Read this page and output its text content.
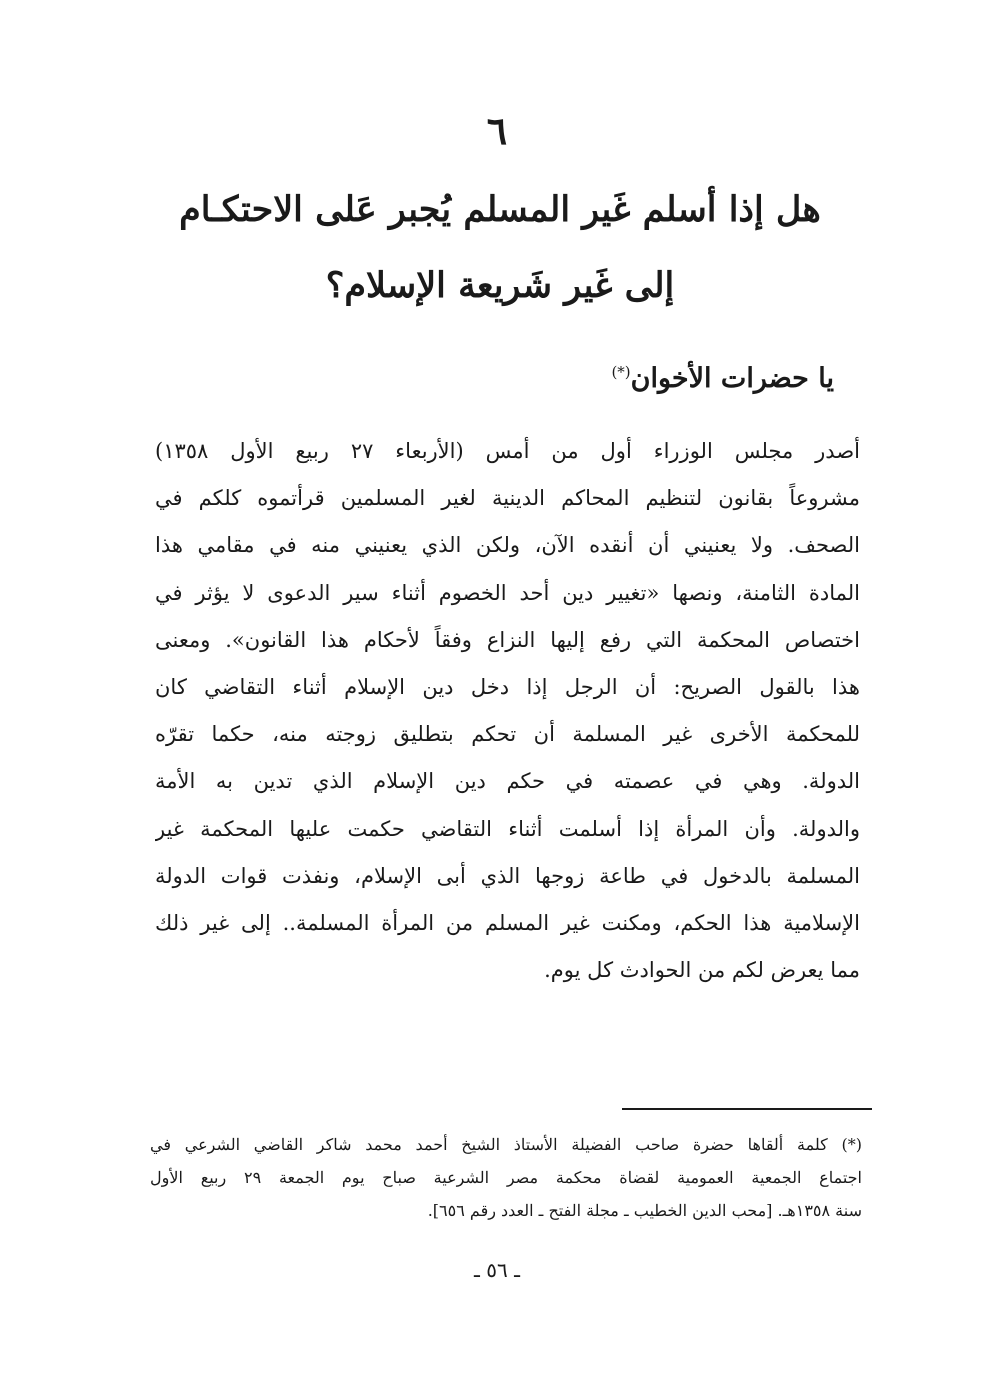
٦
هل إذا أسلم غَير المسلم يُجبر عَلى الاحتكـام
إلى غَير شَريعة الإسلام؟
يا حضرات الأخوان(*)
أصدر مجلس الوزراء أول من أمس (الأربعاء ٢٧ ربيع الأول ١٣٥٨)
مشروعاً بقانون لتنظيم المحاكم الدينية لغير المسلمين قرأتموه كلكم في
الصحف. ولا يعنيني أن أنقده الآن، ولكن الذي يعنيني منه في مقامي هذا
المادة الثامنة، ونصها «تغيير دين أحد الخصوم أثناء سير الدعوى لا يؤثر في
اختصاص المحكمة التي رفع إليها النزاع وفقاً لأحكام هذا القانون». ومعنى
هذا بالقول الصريح: أن الرجل إذا دخل دين الإسلام أثناء التقاضي كان
للمحكمة الأخرى غير المسلمة أن تحكم بتطليق زوجته منه، حكما تقرّه
الدولة. وهي في عصمته في حكم دين الإسلام الذي تدين به الأمة
والدولة. وأن المرأة إذا أسلمت أثناء التقاضي حكمت عليها المحكمة غير
المسلمة بالدخول في طاعة زوجها الذي أبى الإسلام، ونفذت قوات الدولة
الإسلامية هذا الحكم، ومكنت غير المسلم من المرأة المسلمة.. إلى غير ذلك
مما يعرض لكم من الحوادث كل يوم.
(*) كلمة ألقاها حضرة صاحب الفضيلة الأستاذ الشيخ أحمد محمد شاكر القاضي الشرعي في
اجتماع الجمعية العمومية لقضاة محكمة مصر الشرعية صباح يوم الجمعة ٢٩ ربيع الأول
سنة ١٣٥٨هـ. [محب الدين الخطيب ـ مجلة الفتح ـ العدد رقم ٦٥٦].
ـ ٥٦ ـ
